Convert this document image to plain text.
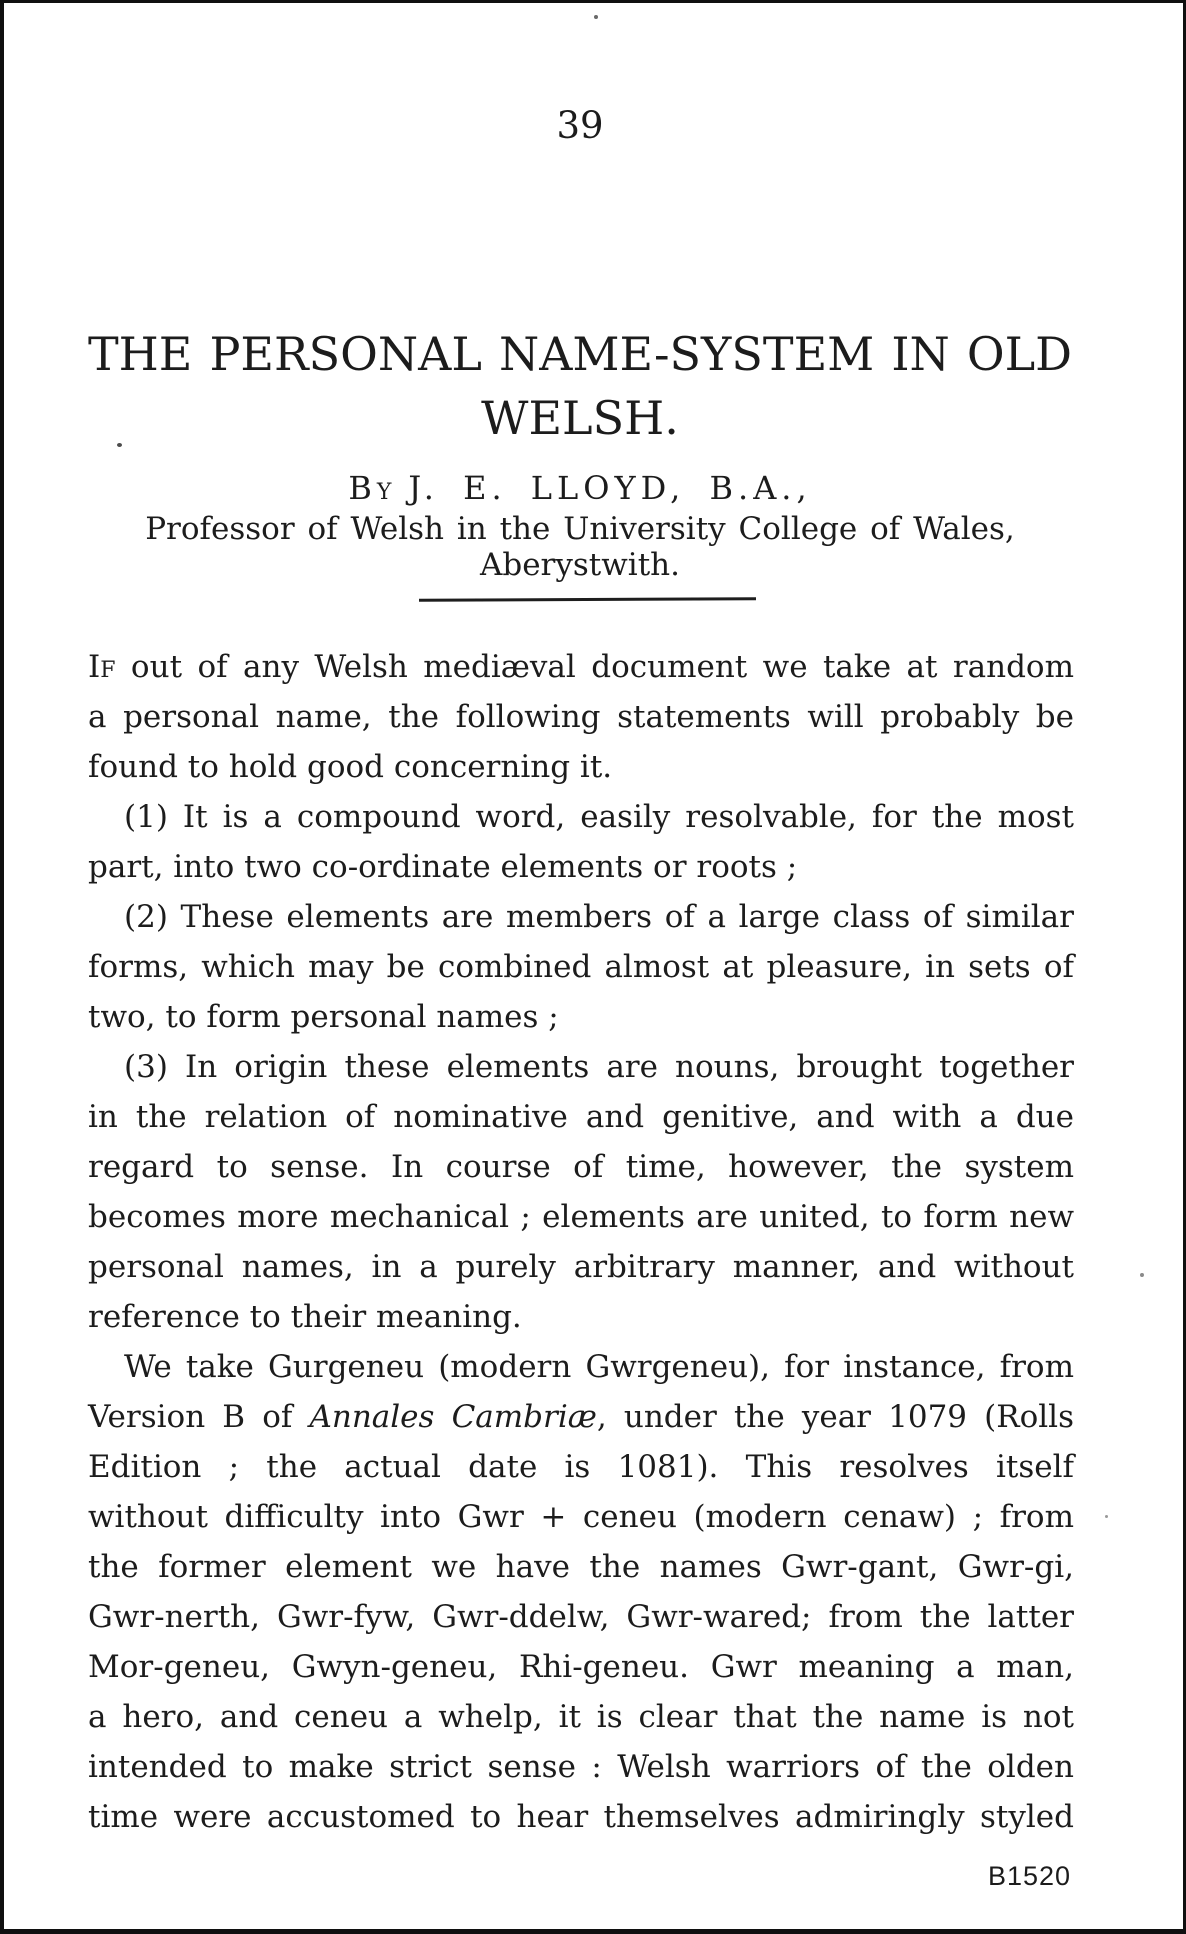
39
THE PERSONAL NAME-SYSTEM IN OLD
WELSH.
By J. E. LLOYD, B.A.,
Professor of Welsh in the University College of Wales, Aberystwith.
If out of any Welsh mediæval document we take at random
a personal name, the following statements will probably be
found to hold good concerning it.
(1) It is a compound word, easily resolvable, for the most
part, into two co-ordinate elements or roots ;
(2) These elements are members of a large class of similar
forms, which may be combined almost at pleasure, in sets of
two, to form personal names ;
(3) In origin these elements are nouns, brought together
in the relation of nominative and genitive, and with a due
regard to sense. In course of time, however, the system
becomes more mechanical ; elements are united, to form new
personal names, in a purely arbitrary manner, and without
reference to their meaning.
We take Gurgeneu (modern Gwrgeneu), for instance, from
Version B of Annales Cambriæ, under the year 1079 (Rolls
Edition ; the actual date is 1081). This resolves itself
without difficulty into Gwr + ceneu (modern cenaw) ; from
the former element we have the names Gwr-gant, Gwr-gi,
Gwr-nerth, Gwr-fyw, Gwr-ddelw, Gwr-wared; from the latter
Mor-geneu, Gwyn-geneu, Rhi-geneu. Gwr meaning a man,
a hero, and ceneu a whelp, it is clear that the name is not
intended to make strict sense : Welsh warriors of the olden
time were accustomed to hear themselves admiringly styled
B1520
